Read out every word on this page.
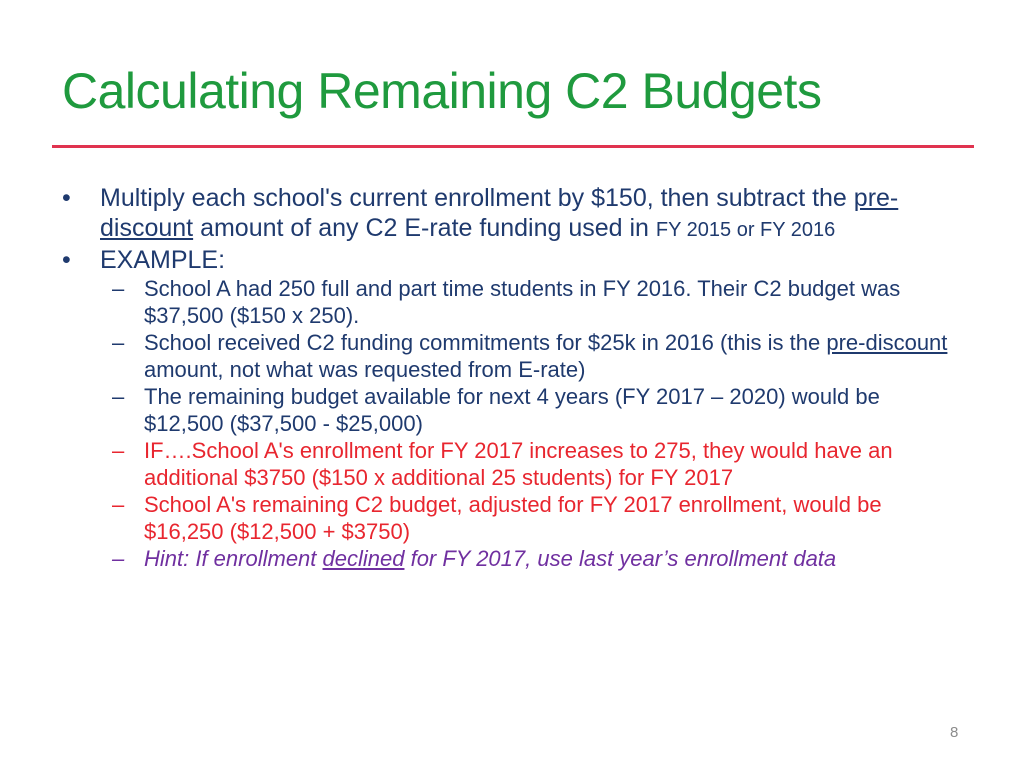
Calculating Remaining C2 Budgets
•	Multiply each school's current enrollment by $150, then subtract the pre-discount amount of any C2 E-rate funding used in FY 2015 or FY 2016
•	EXAMPLE:
– School A had 250 full and part time students in FY 2016. Their C2 budget was $37,500 ($150 x 250).
– School received C2 funding commitments for $25k in 2016 (this is the pre-discount amount, not what was requested from E-rate)
– The remaining budget available for next 4 years (FY 2017 – 2020) would be $12,500 ($37,500 - $25,000)
– IF….School A's enrollment for FY 2017 increases to 275, they would have an additional $3750 ($150 x additional 25 students) for FY 2017
– School A's remaining C2 budget, adjusted for FY 2017 enrollment, would be $16,250 ($12,500 + $3750)
– Hint: If enrollment declined for FY 2017, use last year’s enrollment data
8
